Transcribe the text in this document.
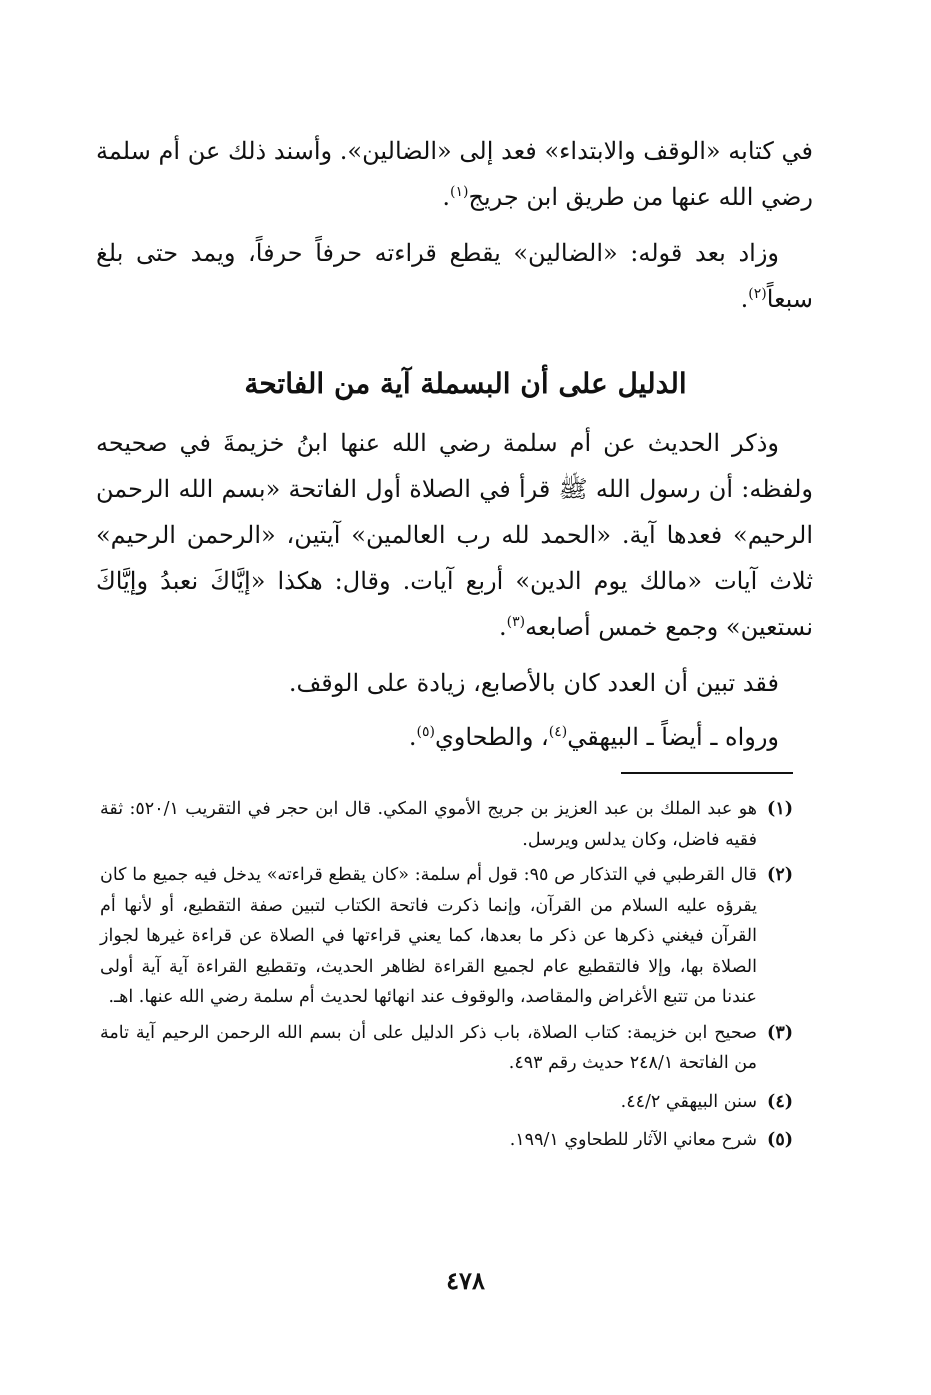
في كتابه «الوقف والابتداء» فعد إلى «الضالين». وأسند ذلك عن أم سلمة رضي الله عنها من طريق ابن جريج$^{(١)}$.

وزاد بعد قوله: «الضالين» يقطع قراءته حرفاً حرفاً، ويمد حتى بلغ سبعاً$^{(٢)}$.

الدليل على أن البسملة آية من الفاتحة

وذكر الحديث عن أم سلمة رضي الله عنها ابنُ خزيمةَ في صحيحه ولفظه: أن رسول الله ﷺ قرأ في الصلاة أول الفاتحة «بسم الله الرحمن الرحيم» فعدها آية. «الحمد لله رب العالمين» آيتين، «الرحمن الرحيم» ثلاث آيات «مالك يوم الدين» أربع آيات. وقال: هكذا «إيَّاكَ نعبدُ وإيَّاكَ نستعين» وجمع خمس أصابعه$^{(٣)}$.

فقد تبين أن العدد كان بالأصابع، زيادة على الوقف.

ورواه ـ أيضاً ـ البيهقي$^{(٤)}$، والطحاوي$^{(٥)}$.

(١)
هو عبد الملك بن عبد العزيز بن جريج الأموي المكي. قال ابن حجر في التقريب ٥٢٠/١: ثقة فقيه فاضل، وكان يدلس ويرسل.

(٢)
قال القرطبي في التذكار ص ٩٥: قول أم سلمة: «كان يقطع قراءته» يدخل فيه جميع ما كان يقرؤه عليه السلام من القرآن، وإنما ذكرت فاتحة الكتاب لتبين صفة التقطيع، أو لأنها أم القرآن فيغني ذكرها عن ذكر ما بعدها، كما يعني قراءتها في الصلاة عن قراءة غيرها لجواز الصلاة بها، وإلا فالتقطيع عام لجميع القراءة لظاهر الحديث، وتقطيع القراءة آية آية أولى عندنا من تتبع الأغراض والمقاصد، والوقوف عند انهائها لحديث أم سلمة رضي الله عنها. اهـ.

(٣)
صحيح ابن خزيمة: كتاب الصلاة، باب ذكر الدليل على أن بسم الله الرحمن الرحيم آية تامة من الفاتحة ٢٤٨/١ حديث رقم ٤٩٣.

(٤)
سنن البيهقي ٤٤/٢.

(٥)
شرح معاني الآثار للطحاوي ١٩٩/١.

٤٧٨
